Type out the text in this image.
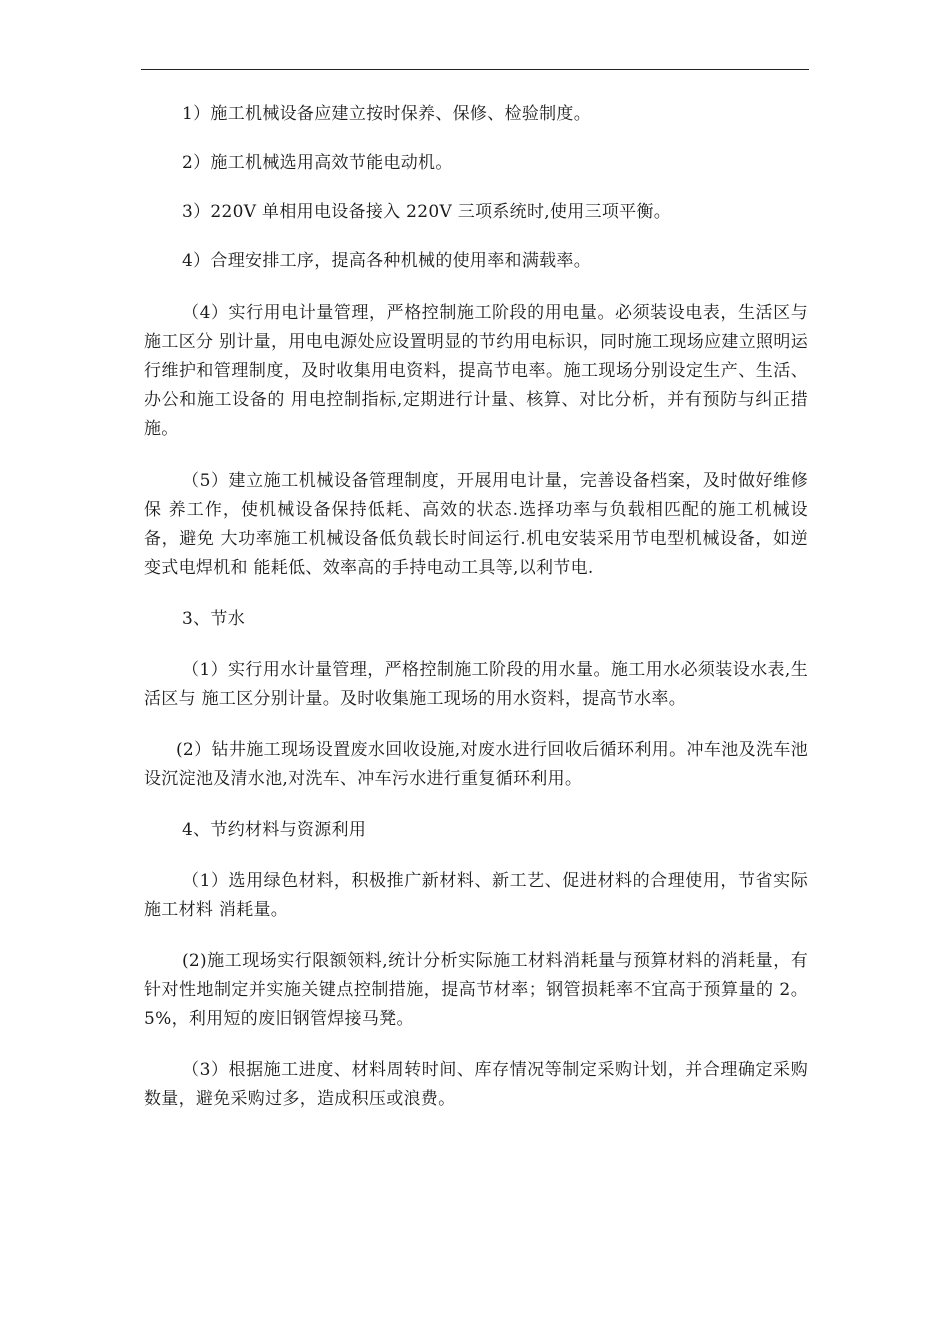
1）施工机械设备应建立按时保养、保修、检验制度。

2）施工机械选用高效节能电动机。

3）220V 单相用电设备接入 220V 三项系统时,使用三项平衡。

4）合理安排工序，提高各种机械的使用率和满载率。

（4）实行用电计量管理，严格控制施工阶段的用电量。必须装设电表，生活区与施工区分 别计量，用电电源处应设置明显的节约用电标识，同时施工现场应建立照明运行维护和管理制度，及时收集用电资料，提高节电率。施工现场分别设定生产、生活、办公和施工设备的 用电控制指标,定期进行计量、核算、对比分析，并有预防与纠正措施。

（5）建立施工机械设备管理制度，开展用电计量，完善设备档案，及时做好维修保 养工作，使机械设备保持低耗、高效的状态.选择功率与负载相匹配的施工机械设备，避免 大功率施工机械设备低负载长时间运行.机电安装采用节电型机械设备，如逆变式电焊机和 能耗低、效率高的手持电动工具等,以利节电.

3、节水

（1）实行用水计量管理，严格控制施工阶段的用水量。施工用水必须装设水表,生活区与 施工区分别计量。及时收集施工现场的用水资料，提高节水率。

(2）钻井施工现场设置废水回收设施,对废水进行回收后循环利用。冲车池及洗车池设沉淀池及清水池,对洗车、冲车污水进行重复循环利用。

4、节约材料与资源利用

（1）选用绿色材料，积极推广新材料、新工艺、促进材料的合理使用，节省实际施工材料 消耗量。

(2)施工现场实行限额领料,统计分析实际施工材料消耗量与预算材料的消耗量，有针对性地制定并实施关键点控制措施，提高节材率；钢管损耗率不宜高于预算量的 2。5%，利用短的废旧钢管焊接马凳。

（3）根据施工进度、材料周转时间、库存情况等制定采购计划，并合理确定采购数量，避免采购过多，造成积压或浪费。
